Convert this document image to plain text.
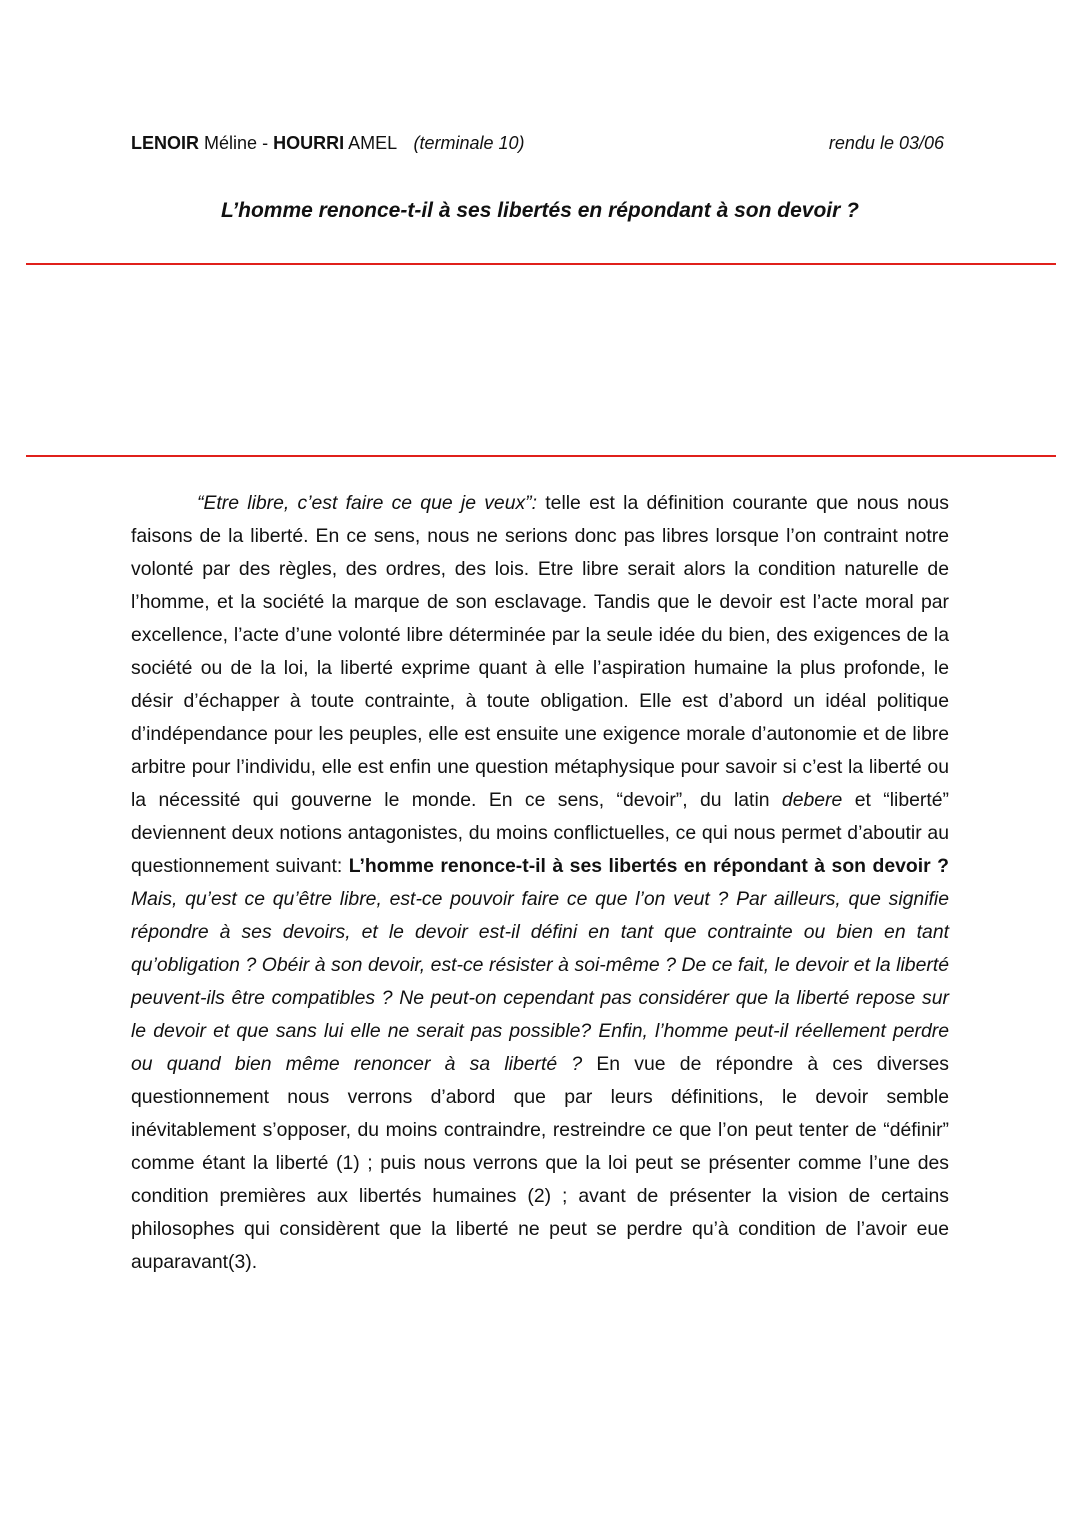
LENOIR Méline - HOURRI AMEL (terminale 10)	rendu le 03/06
L’homme renonce-t-il à ses libertés en répondant à son devoir ?
“Etre libre, c’est faire ce que je veux”: telle est la définition courante que nous nous faisons de la liberté. En ce sens, nous ne serions donc pas libres lorsque l’on contraint notre volonté par des règles, des ordres, des lois. Etre libre serait alors la condition naturelle de l’homme, et la société la marque de son esclavage. Tandis que le devoir est l’acte moral par excellence, l’acte d’une volonté libre déterminée par la seule idée du bien, des exigences de la société ou de la loi, la liberté exprime quant à elle l’aspiration humaine la plus profonde, le désir d’échapper à toute contrainte, à toute obligation. Elle est d’abord un idéal politique d’indépendance pour les peuples, elle est ensuite une exigence morale d’autonomie et de libre arbitre pour l’individu, elle est enfin une question métaphysique pour savoir si c’est la liberté ou la nécessité qui gouverne le monde. En ce sens, “devoir”, du latin debere et “liberté” deviennent deux notions antagonistes, du moins conflictuelles, ce qui nous permet d’aboutir au questionnement suivant: L’homme renonce-t-il à ses libertés en répondant à son devoir ? Mais, qu’est ce qu’être libre, est-ce pouvoir faire ce que l’on veut ? Par ailleurs, que signifie répondre à ses devoirs, et le devoir est-il défini en tant que contrainte ou bien en tant qu’obligation ? Obéir à son devoir, est-ce résister à soi-même ? De ce fait, le devoir et la liberté peuvent-ils être compatibles ? Ne peut-on cependant pas considérer que la liberté repose sur le devoir et que sans lui elle ne serait pas possible? Enfin, l’homme peut-il réellement perdre ou quand bien même renoncer à sa liberté ? En vue de répondre à ces diverses questionnement nous verrons d’abord que par leurs définitions, le devoir semble inévitablement s’opposer, du moins contraindre, restreindre ce que l’on peut tenter de “définir” comme étant la liberté (1) ; puis nous verrons que la loi peut se présenter comme l’une des condition premières aux libertés humaines (2) ; avant de présenter la vision de certains philosophes qui considèrent que la liberté ne peut se perdre qu’à condition de l’avoir eue auparavant(3).
